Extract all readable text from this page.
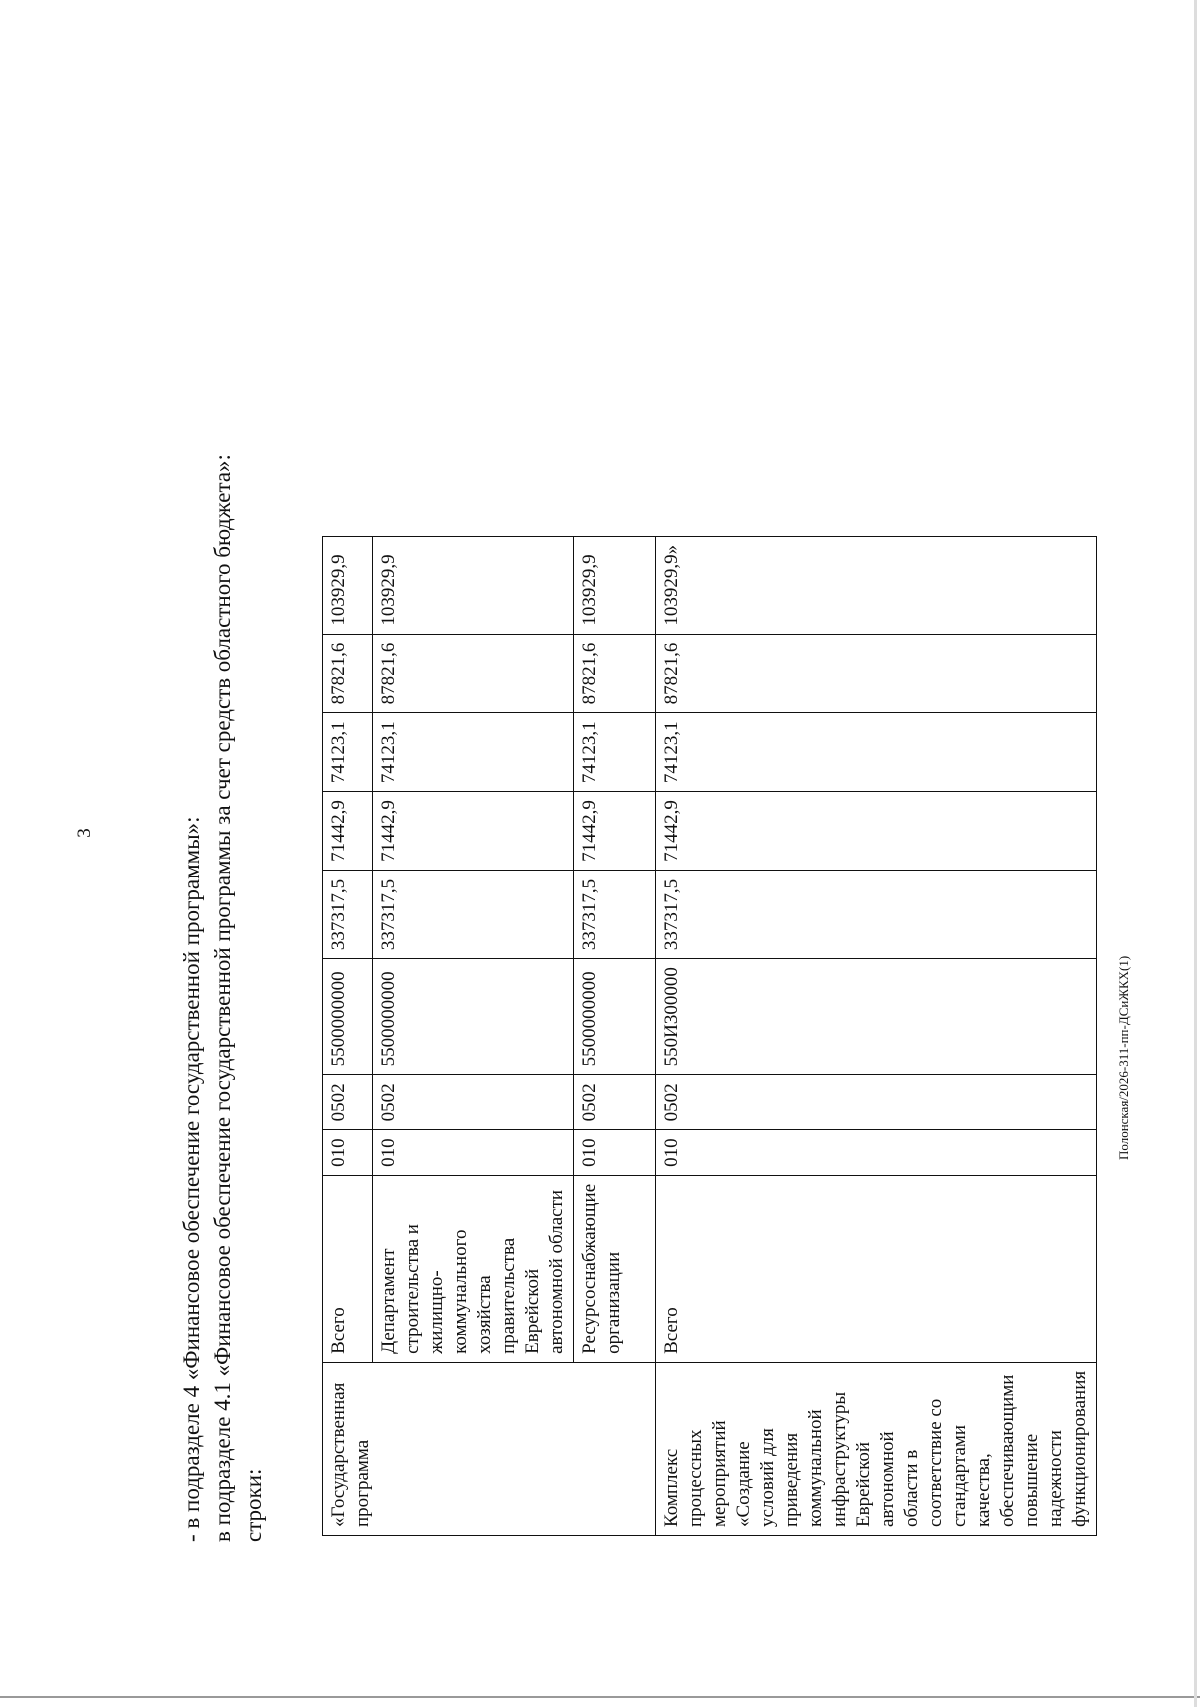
3	- в подразделе 4 «Финансовое обеспечение государственной программы»: в подразделе 4.1 «Финансовое обеспечение государственной программы за счет средств областного бюджета»: строки:	«Государственная программа	Всего	010	0502	5500000000	337317,5	71442,9	74123,1	87821,6	103929,9
	Департамент строительства и жилищно-коммунального хозяйства правительства Еврейской автономной области	010	0502	5500000000	337317,5	71442,9	74123,1	87821,6	103929,9
	Ресурсоснабжающие организации	010	0502	5500000000	337317,5	71442,9	74123,1	87821,6	103929,9
Комплекс процессных мероприятий «Создание условий для приведения коммунальной инфраструктуры Еврейской автономной области в соответствие со стандартами качества, обеспечивающими повышение надежности функционирования	Всего	010	0502	550И300000	337317,5	71442,9	74123,1	87821,6	103929,9»
Полонская/2026-311-пп-ДСиЖКХ(1)
